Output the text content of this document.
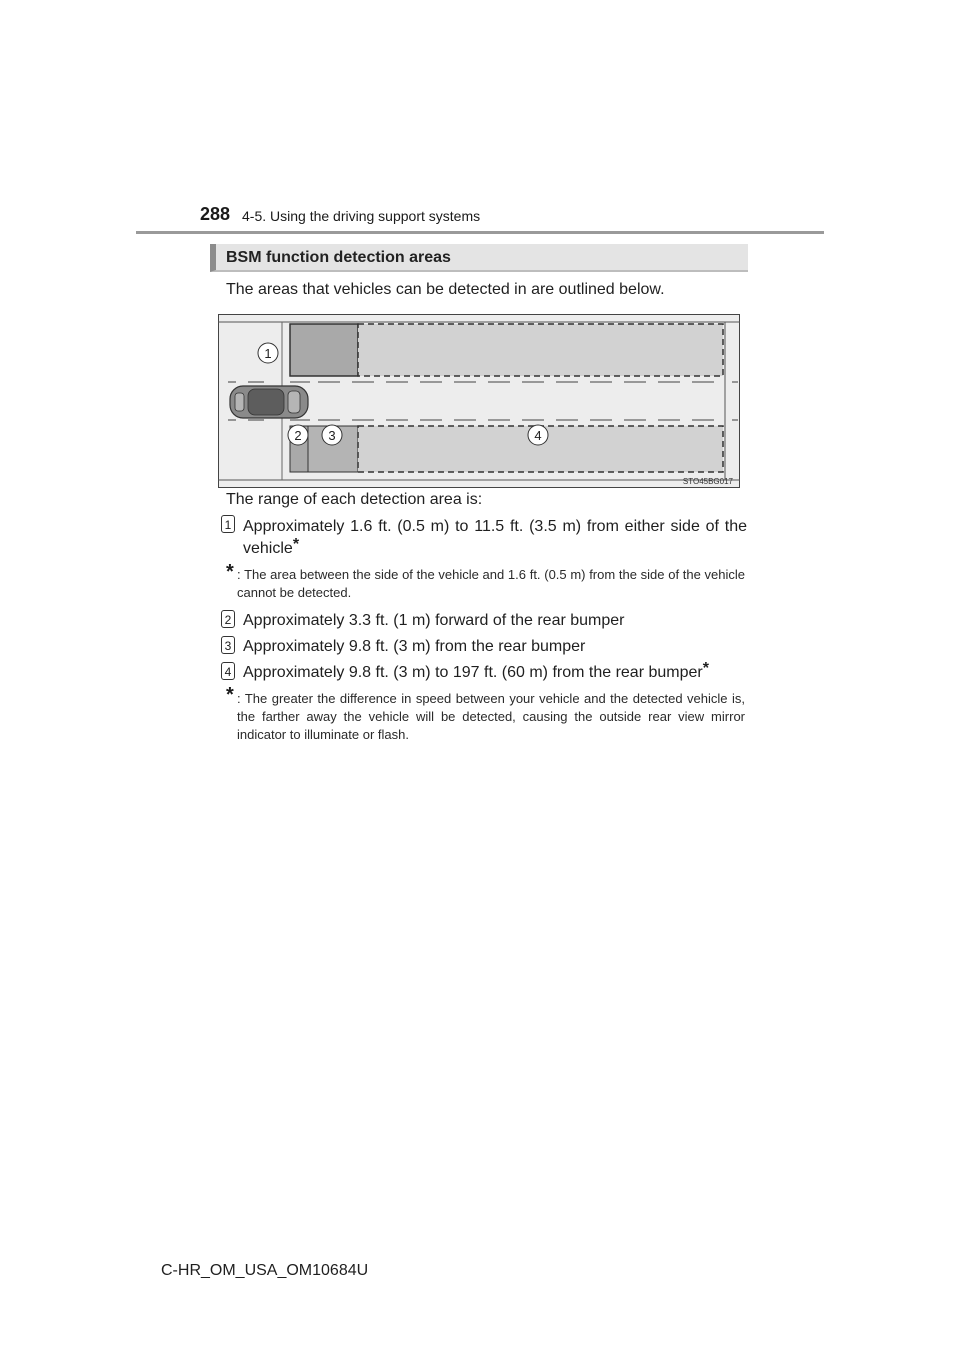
288 4-5. Using the driving support systems
BSM function detection areas
The areas that vehicles can be detected in are outlined below.
1
2 3	4
STO45BG017
The range of each detection area is:
1 Approximately 1.6 ft. (0.5 m) to 11.5 ft. (3.5 m) from either side of the vehicle*
* : The area between the side of the vehicle and 1.6 ft. (0.5 m) from the side of the vehicle cannot be detected.
2 Approximately 3.3 ft. (1 m) forward of the rear bumper
3 Approximately 9.8 ft. (3 m) from the rear bumper
4 Approximately 9.8 ft. (3 m) to 197 ft. (60 m) from the rear bumper*
* : The greater the difference in speed between your vehicle and the detected vehicle is, the farther away the vehicle will be detected, causing the outside rear view mirror indicator to illuminate or flash.
C-HR_OM_USA_OM10684U
